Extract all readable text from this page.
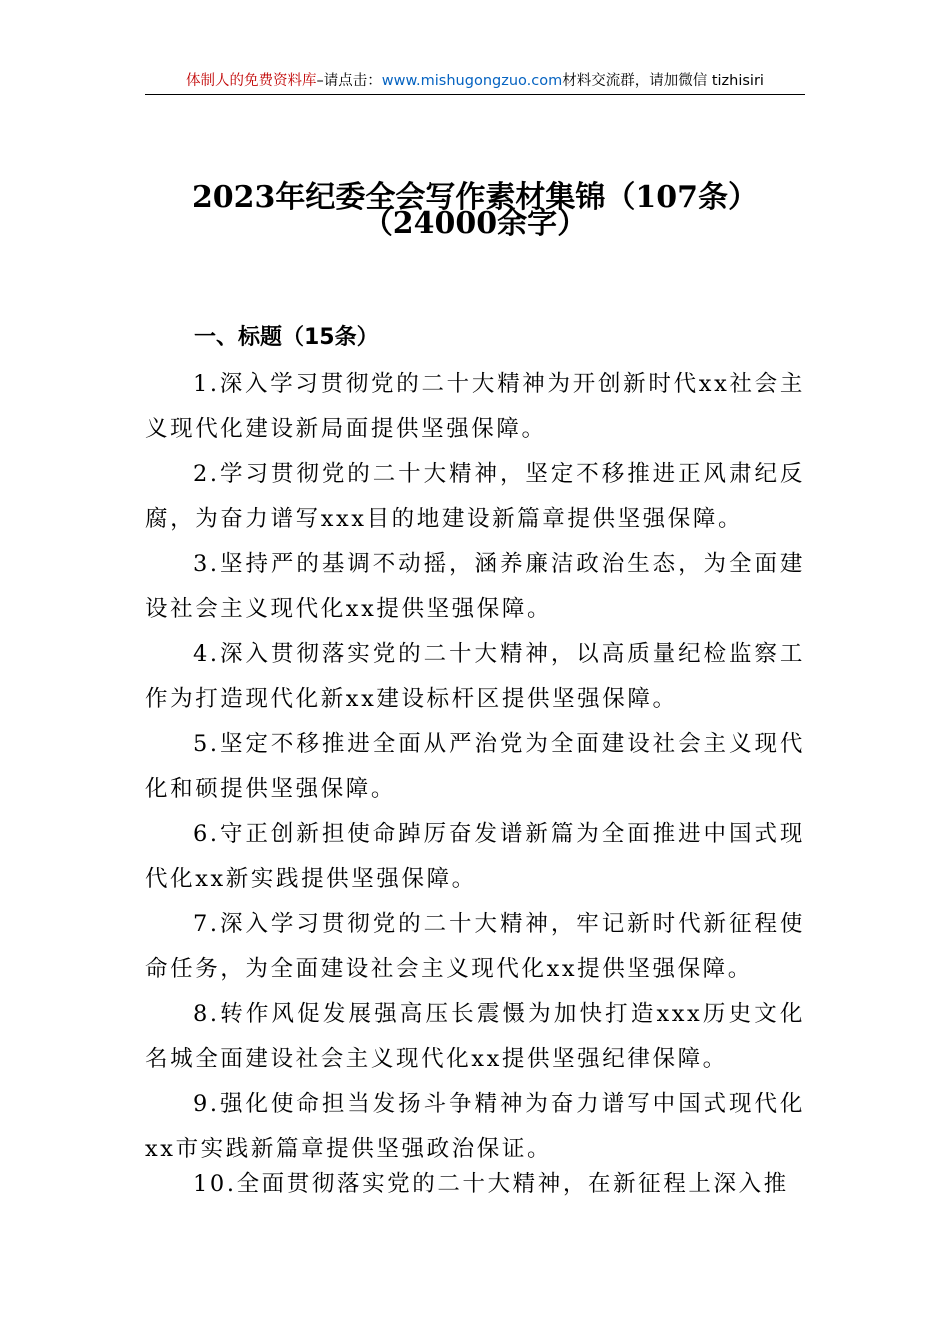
体制人的免费资料库–请点击：www.mishugongzuo.com材料交流群，请加微信 tizhisiri
2023年纪委全会写作素材集锦（107条）
（24000余字）
一、标题（15条）
1.深入学习贯彻党的二十大精神为开创新时代xx社会主义现代化建设新局面提供坚强保障。
2.学习贯彻党的二十大精神，坚定不移推进正风肃纪反腐，为奋力谱写xxx目的地建设新篇章提供坚强保障。
3.坚持严的基调不动摇，涵养廉洁政治生态，为全面建设社会主义现代化xx提供坚强保障。
4.深入贯彻落实党的二十大精神，以高质量纪检监察工作为打造现代化新xx建设标杆区提供坚强保障。
5.坚定不移推进全面从严治党为全面建设社会主义现代化和硕提供坚强保障。
6.守正创新担使命踔厉奋发谱新篇为全面推进中国式现代化xx新实践提供坚强保障。
7.深入学习贯彻党的二十大精神，牢记新时代新征程使命任务，为全面建设社会主义现代化xx提供坚强保障。
8.转作风促发展强高压长震慑为加快打造xxx历史文化名城全面建设社会主义现代化xx提供坚强纪律保障。
9.强化使命担当发扬斗争精神为奋力谱写中国式现代化xx市实践新篇章提供坚强政治保证。
10.全面贯彻落实党的二十大精神，在新征程上深入推
